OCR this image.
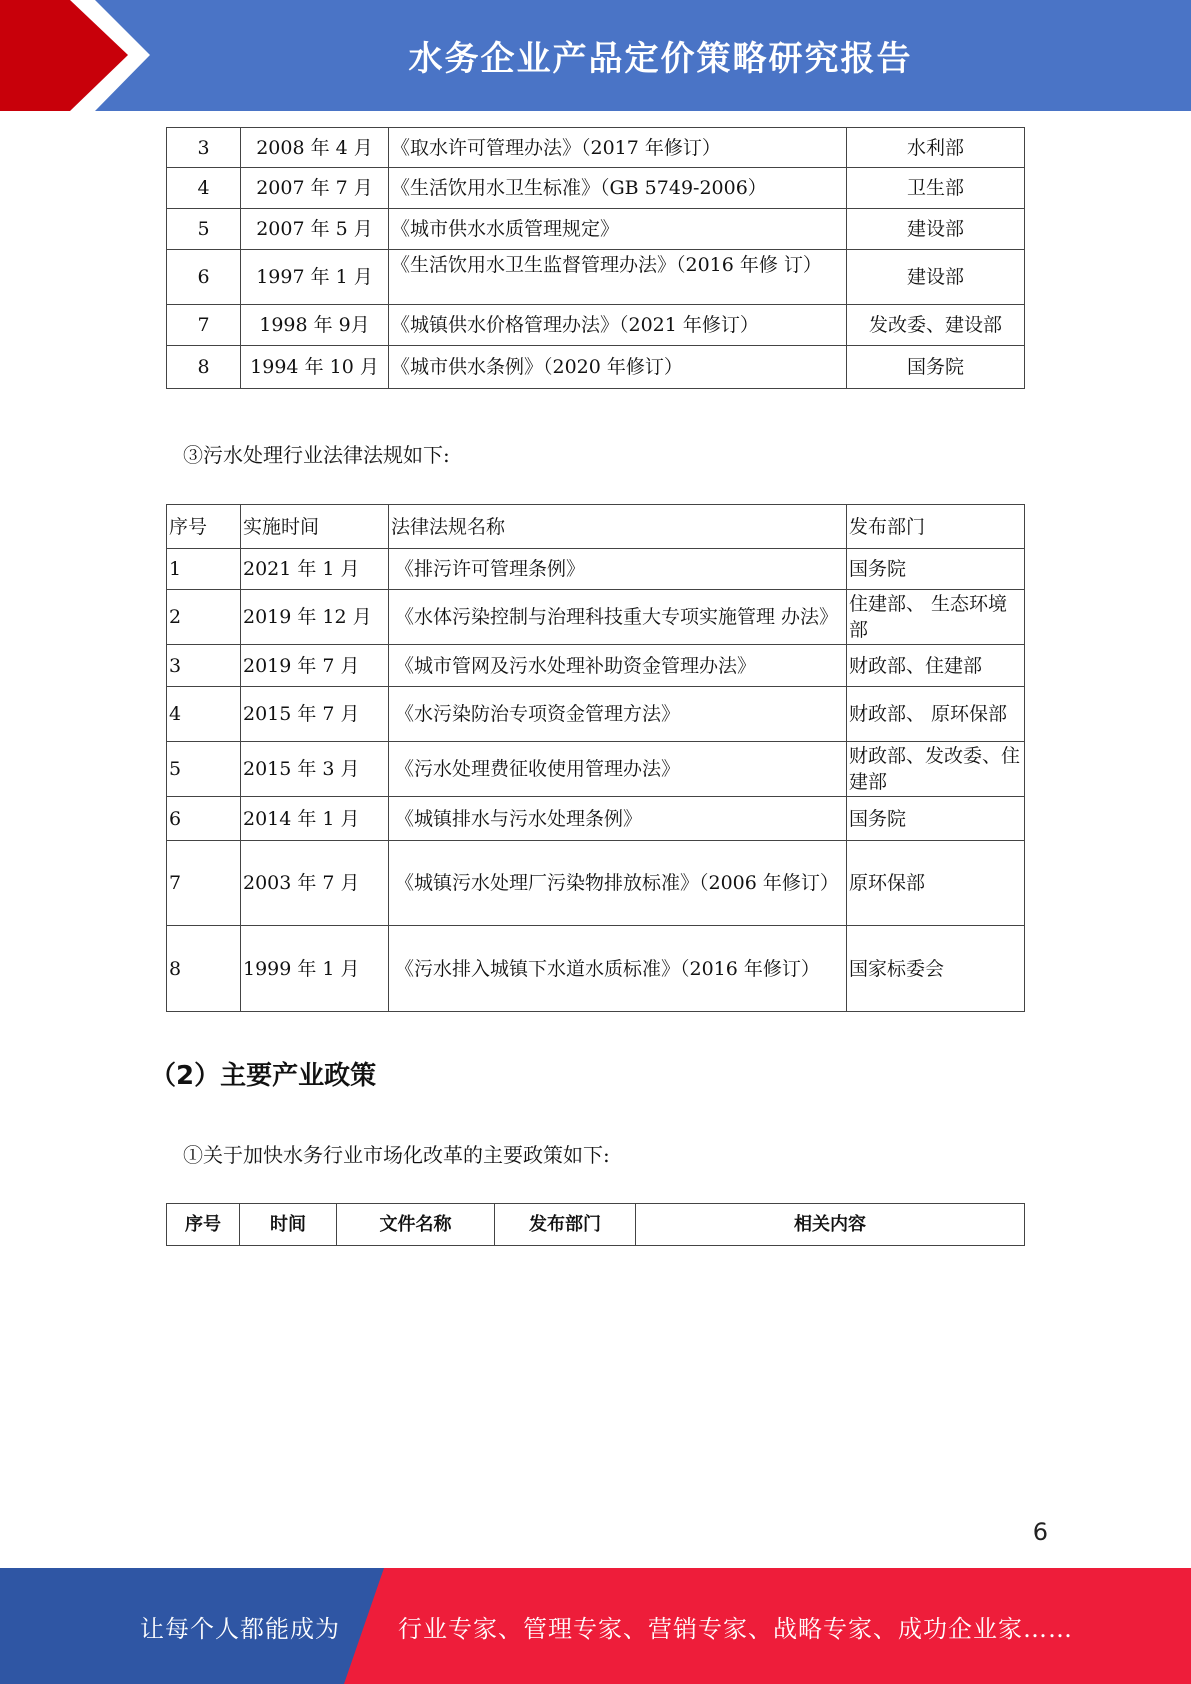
水务企业产品定价策略研究报告
3	2008 年 4 月	《取水许可管理办法》（2017 年修订）	水利部
4	2007 年 7 月	《生活饮用水卫生标准》（GB 5749-2006）	卫生部
5	2007 年 5 月	《城市供水水质管理规定》	建设部
6	1997 年 1 月	《生活饮用水卫生监督管理办法》（2016 年修 订）	建设部
7	1998 年 9月	《城镇供水价格管理办法》（2021 年修订）	发改委、建设部
8	1994 年 10 月	《城市供水条例》（2020 年修订）	国务院
③污水处理行业法律法规如下:
序号	实施时间	法律法规名称	发布部门
1	2021 年 1 月	《排污许可管理条例》	国务院
2	2019 年 12 月	《水体污染控制与治理科技重大专项实施管理 办法》	住建部、 生态环境部
3	2019 年 7 月	《城市管网及污水处理补助资金管理办法》	财政部、住建部
4	2015 年 7 月	《水污染防治专项资金管理方法》	财政部、 原环保部
5	2015 年 3 月	《污水处理费征收使用管理办法》	财政部、发改委、住建部
6	2014 年 1 月	《城镇排水与污水处理条例》	国务院
7	2003 年 7 月	《城镇污水处理厂污染物排放标准》（2006 年修订）	原环保部
8	1999 年 1 月	《污水排入城镇下水道水质标准》（2016 年修订）	国家标委会
（2）主要产业政策
①关于加快水务行业市场化改革的主要政策如下:
序号	时间	文件名称	发布部门	相关内容
6
让每个人都能成为 行业专家、管理专家、营销专家、战略专家、成功企业家……
